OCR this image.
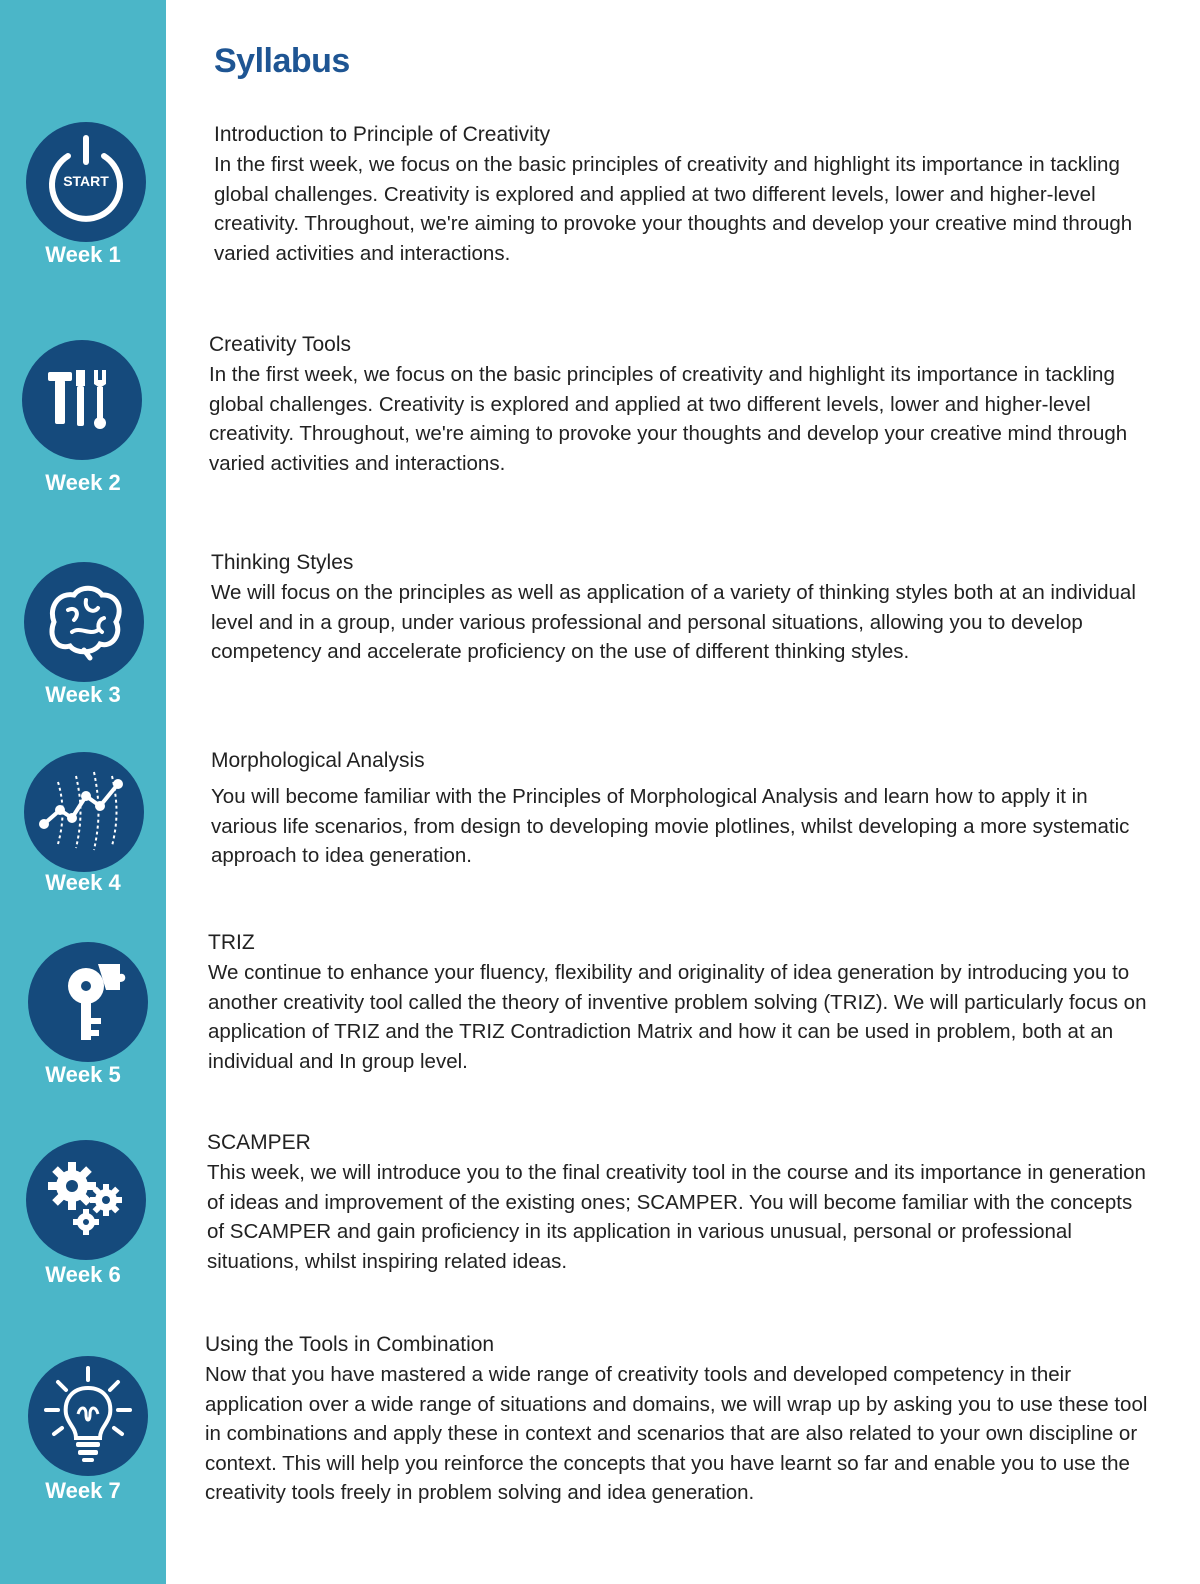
START
Week 1
Week 2
Week 3
Week 4
Week 5
Week 6
Week 7
Syllabus
Introduction to Principle of Creativity

In the first week, we focus on the basic principles of creativity and highlight its importance in tackling global challenges. Creativity is explored and applied at two different levels, lower and higher-level creativity. Throughout, we're aiming to provoke your thoughts and develop your creative mind through varied activities and interactions.

Creativity Tools

In the first week, we focus on the basic principles of creativity and highlight its importance in tackling global challenges. Creativity is explored and applied at two different levels, lower and higher-level creativity. Throughout, we're aiming to provoke your thoughts and develop your creative mind through varied activities and interactions.

Thinking Styles

We will focus on the principles as well as application of a variety of thinking styles both at an individual level and in a group, under various professional and personal situations, allowing you to develop competency and accelerate proficiency on the use of different thinking styles.

Morphological Analysis

You will become familiar with the Principles of Morphological Analysis and learn how to apply it in various life scenarios, from design to developing movie plotlines, whilst developing a more systematic approach to idea generation.

TRIZ

We continue to enhance your fluency, flexibility and originality of idea generation by introducing you to another creativity tool called the theory of inventive problem solving (TRIZ). We will particularly focus on application of TRIZ and the TRIZ Contradiction Matrix and how it can be used in problem, both at an individual and In group level.

SCAMPER

This week, we will introduce you to the final creativity tool in the course and its importance in generation of ideas and improvement of the existing ones; SCAMPER. You will become familiar with the concepts of SCAMPER and gain proficiency in its application in various unusual, personal or professional situations, whilst inspiring related ideas.

Using the Tools in Combination

Now that you have mastered a wide range of creativity tools and developed competency in their application over a wide range of situations and domains, we will wrap up by asking you to use these tool in combinations and apply these in context and scenarios that are also related to your own discipline or context. This will help you reinforce the concepts that you have learnt so far and enable you to use the creativity tools freely in problem solving and idea generation.
